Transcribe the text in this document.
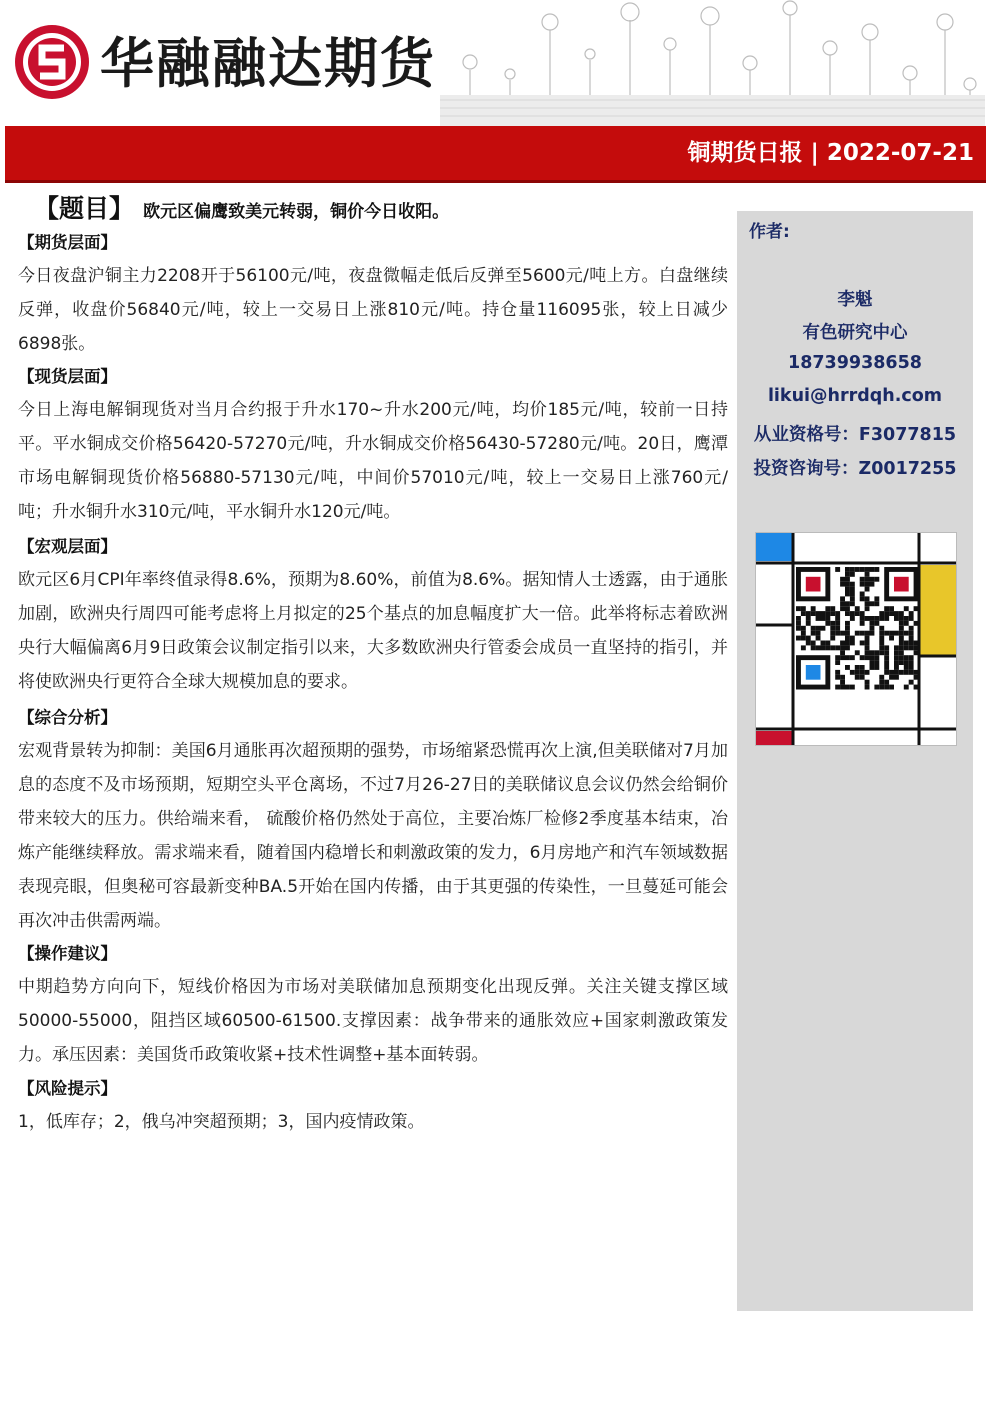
华融融达期货
铜期货日报 | 2022-07-21
【题目】 欧元区偏鹰致美元转弱，铜价今日收阳。
【期货层面】
今日夜盘沪铜主力2208开于56100元/吨，夜盘微幅走低后反弹至5600元/吨上方。白盘继续反弹，收盘价56840元/吨，较上一交易日上涨810元/吨。持仓量116095张，较上日减少6898张。
【现货层面】
今日上海电解铜现货对当月合约报于升水170~升水200元/吨，均价185元/吨，较前一日持平。平水铜成交价格56420-57270元/吨，升水铜成交价格56430-57280元/吨。20日，鹰潭市场电解铜现货价格56880-57130元/吨，中间价57010元/吨，较上一交易日上涨760元/吨；升水铜升水310元/吨，平水铜升水120元/吨。
【宏观层面】
欧元区6月CPI年率终值录得8.6%，预期为8.60%，前值为8.6%。据知情人士透露，由于通胀加剧，欧洲央行周四可能考虑将上月拟定的25个基点的加息幅度扩大一倍。此举将标志着欧洲央行大幅偏离6月9日政策会议制定指引以来，大多数欧洲央行管委会成员一直坚持的指引，并将使欧洲央行更符合全球大规模加息的要求。
【综合分析】
宏观背景转为抑制：美国6月通胀再次超预期的强势，市场缩紧恐慌再次上演,但美联储对7月加息的态度不及市场预期，短期空头平仓离场，不过7月26-27日的美联储议息会议仍然会给铜价带来较大的压力。供给端来看， 硫酸价格仍然处于高位，主要冶炼厂检修2季度基本结束，冶炼产能继续释放。需求端来看，随着国内稳增长和刺激政策的发力，6月房地产和汽车领域数据表现亮眼，但奥秘可容最新变种BA.5开始在国内传播，由于其更强的传染性，一旦蔓延可能会再次冲击供需两端。
【操作建议】
中期趋势方向向下，短线价格因为市场对美联储加息预期变化出现反弹。关注关键支撑区域50000-55000，阻挡区域60500-61500.支撑因素：战争带来的通胀效应+国家刺激政策发力。承压因素：美国货币政策收紧+技术性调整+基本面转弱。
【风险提示】
1，低库存；2，俄乌冲突超预期；3，国内疫情政策。
作者:
李魁
有色研究中心
18739938658
likui@hrrdqh.com
从业资格号：F3077815
投资咨询号：Z0017255
